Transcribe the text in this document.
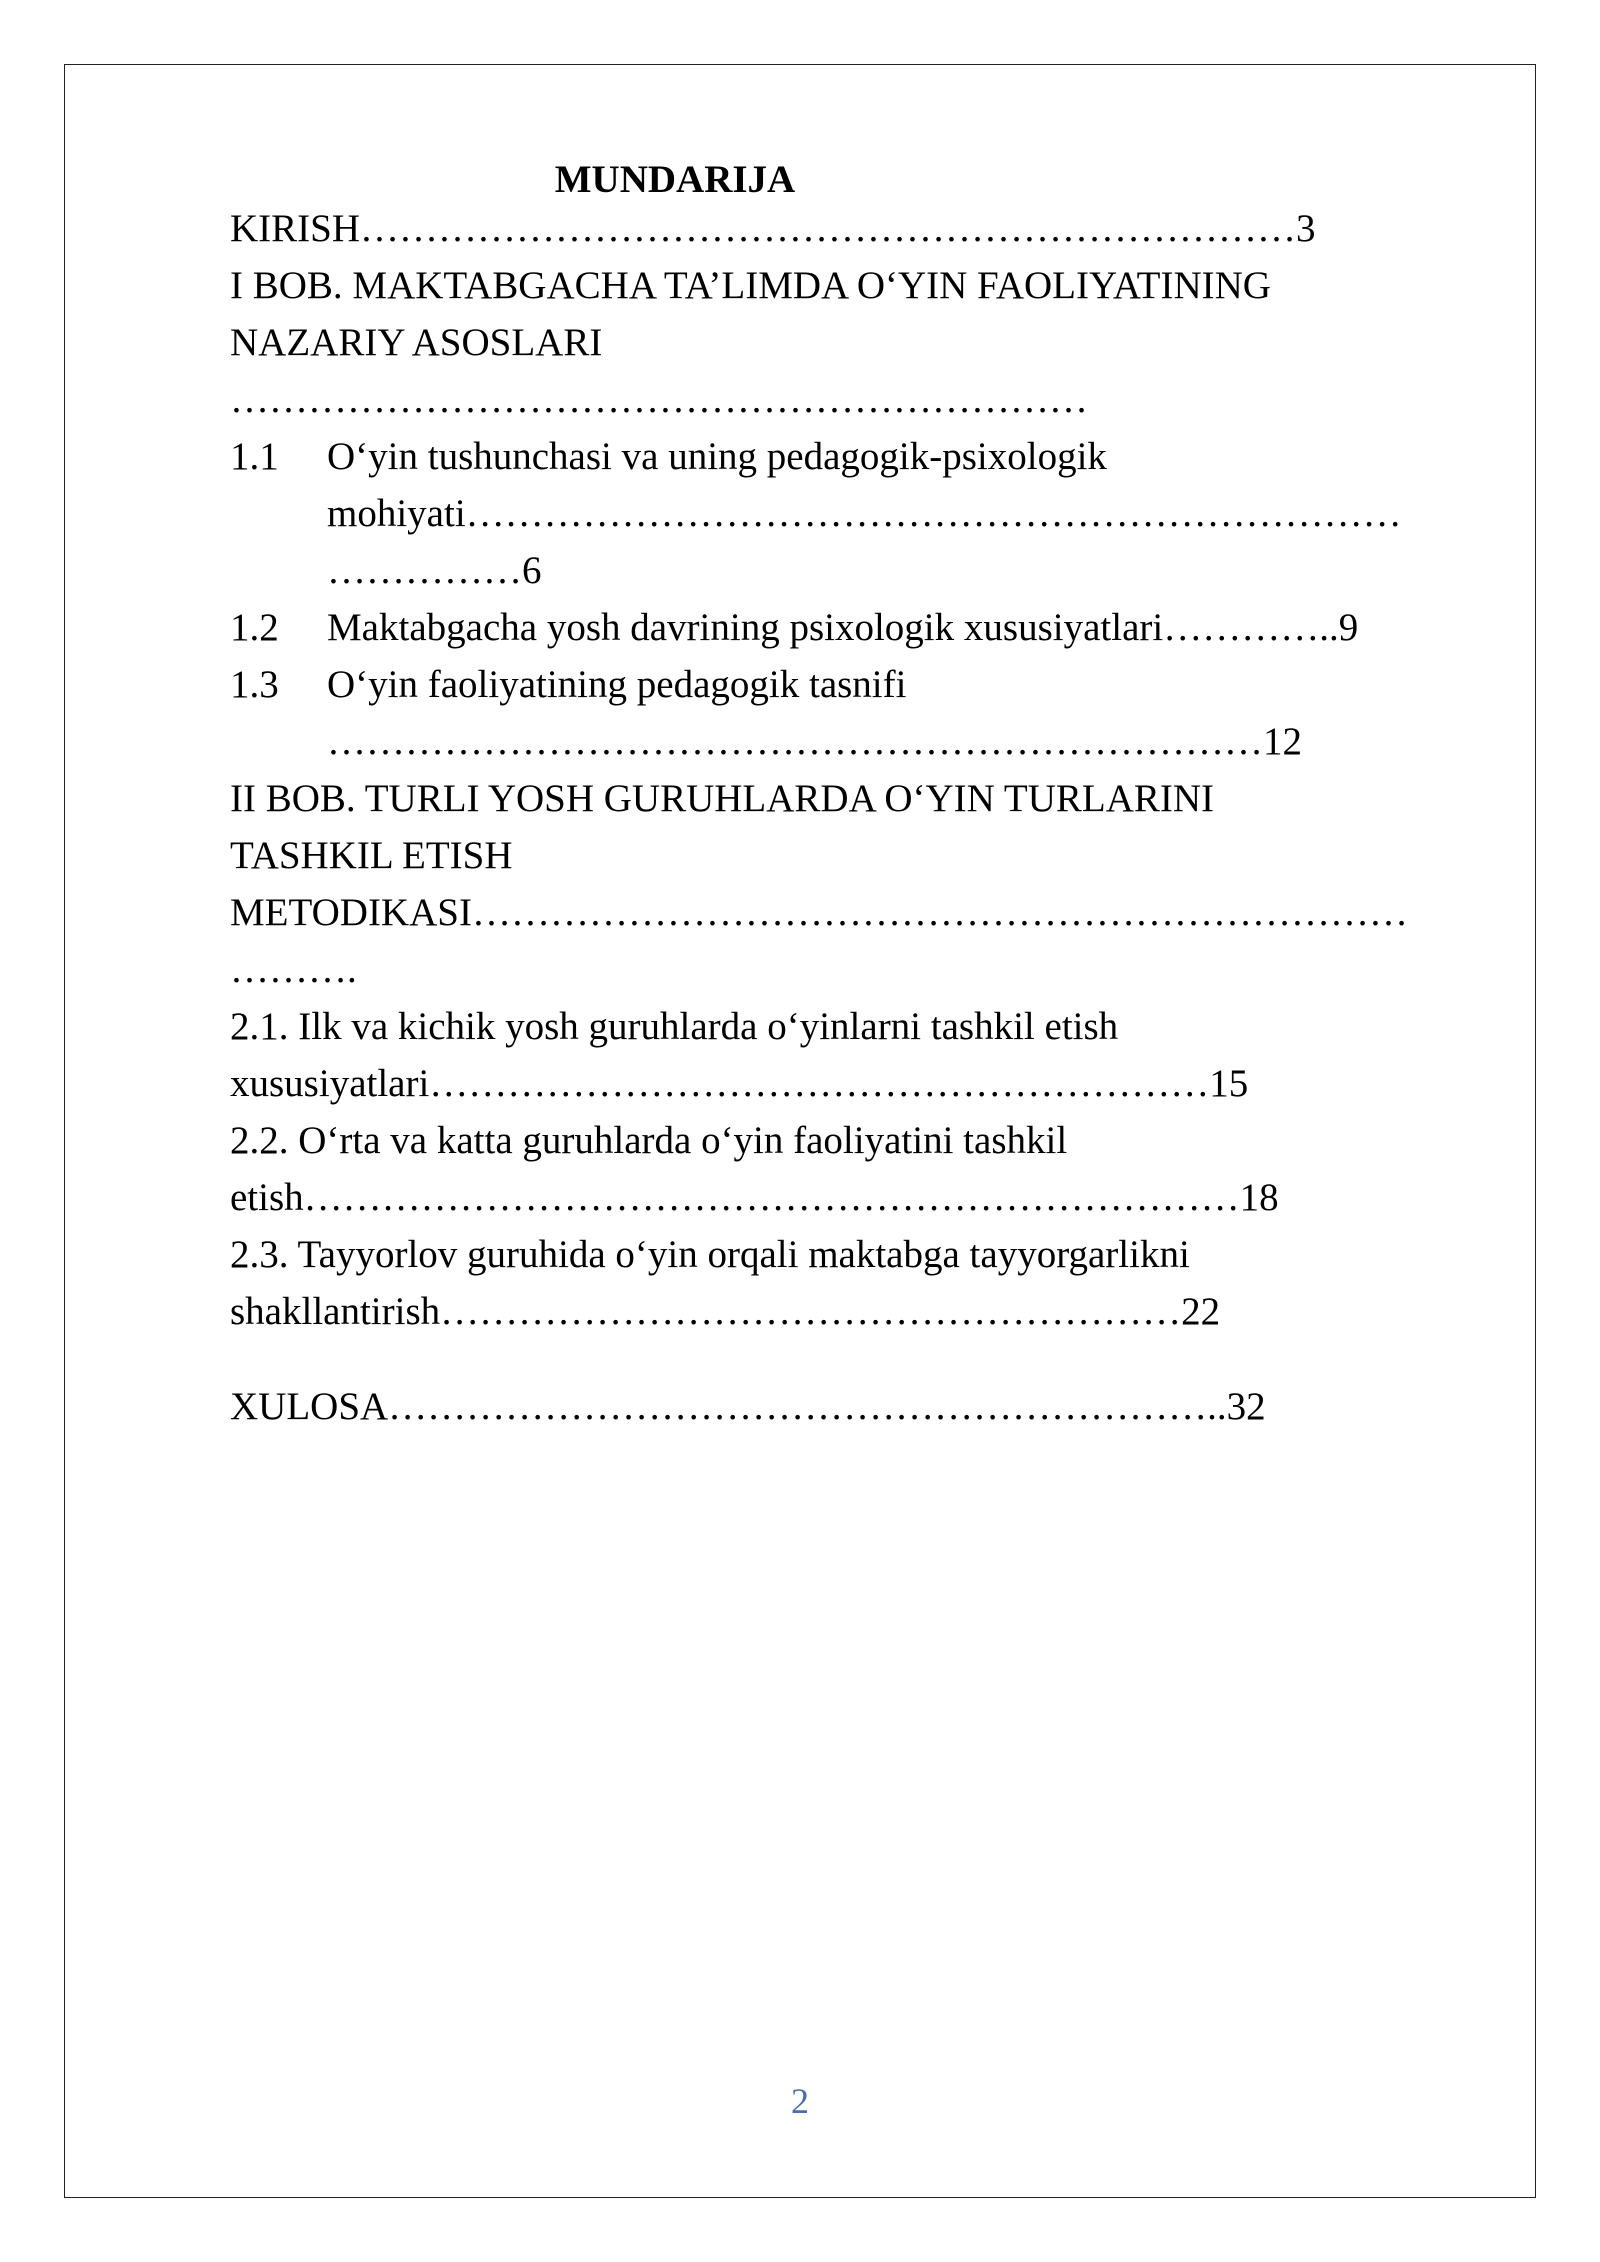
MUNDARIJA
KIRISH………………………………………………………………3
I BOB. MAKTABGACHA TA’LIMDA O‘YIN FAOLIYATINING
NAZARIY ASOSLARI
…………………………………………………………
1.1 O‘yin tushunchasi va uning pedagogik-psixologik
mohiyati………………………………………………………………
……………6
1.2 Maktabgacha yosh davrining psixologik xususiyatlari…………..9
1.3 O‘yin faoliyatining pedagogik tasnifi
………………………………………………………………12
II BOB. TURLI YOSH GURUHLARDA O‘YIN TURLARINI
TASHKIL ETISH
METODIKASI………………………………………………………………
……….
2.1. Ilk va kichik yosh guruhlarda o‘yinlarni tashkil etish
xususiyatlari……………………………………………………15
2.2. O‘rta va katta guruhlarda o‘yin faoliyatini tashkil
etish………………………………………………………………18
2.3. Tayyorlov guruhida o‘yin orqali maktabga tayyorgarlikni
shakllantirish…………………………………………………22
XULOSA………………………………………………………..32
2
